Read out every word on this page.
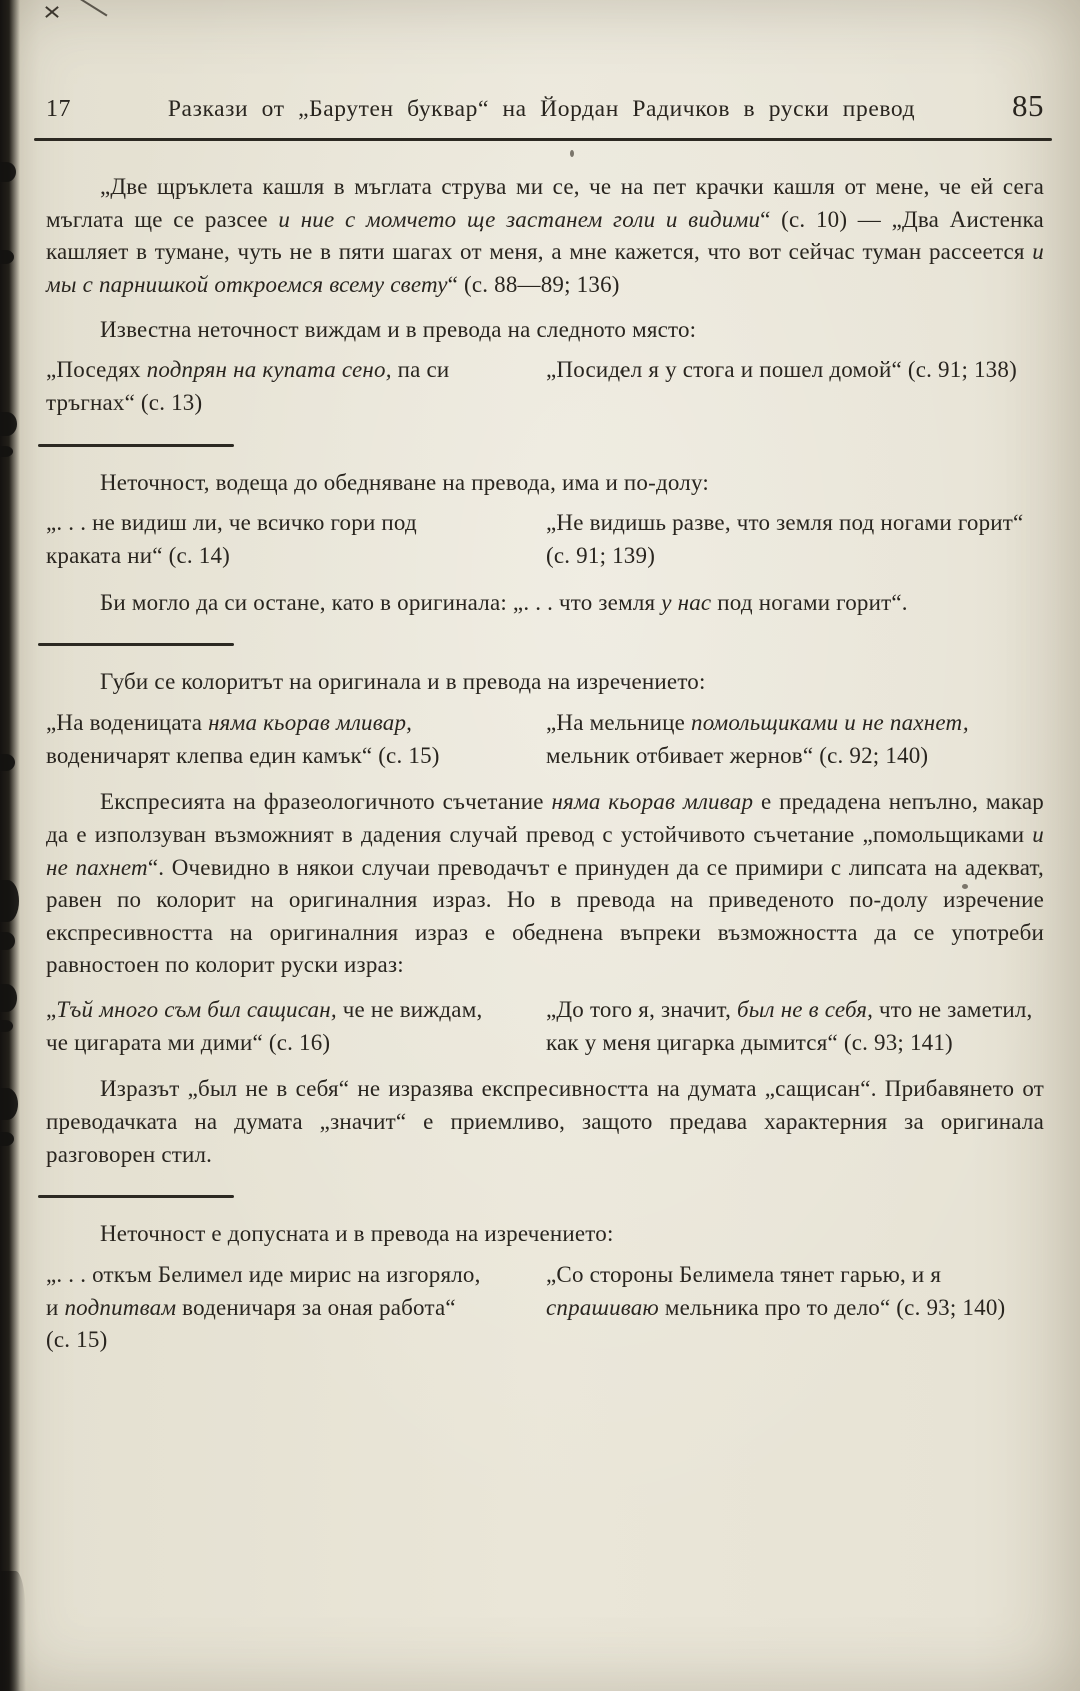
17	Разкази от „Барутен буквар“ на Йордан Радичков в руски превод	85

„Две щръклета кашля в мъглата струва ми се, че на пет крачки кашля от мене, че ей сега мъглата ще се разсее и ние с момчето ще застанем голи и видими“ (с. 10) — „Два Аистенка кашляет в тумане, чуть не в пяти шагах от меня, а мне кажется, что вот сейчас туман рассеется и мы с парнишкой откроемся всему свету“ (с. 88—89; 136)

Известна неточност виждам и в превода на следното място:

„Поседях подпрян на купата сено, па си тръгнах“ (с. 13)

„Посидел я у стога и пошел домой“ (с. 91; 138)

Неточност, водеща до обедняване на превода, има и по-долу:

„. . . не видиш ли, че всичко гори под краката ни“ (с. 14)

„Не видишь разве, что земля под ногами горит“ (с. 91; 139)

Би могло да си остане, като в оригинала: „. . . что земля у нас под ногами горит“.

Губи се колоритът на оригинала и в превода на изречението:

„На воденицата няма кьорав мливар, воденичарят клепва един камък“ (с. 15)

„На мельнице помольщиками и не пахнет, мельник отбивает жернов“ (с. 92; 140)

Експресията на фразеологичното съчетание няма кьорав мливар е предадена непълно, макар да е използуван възможният в дадения случай превод с устойчивото съчетание „помольщиками и не пахнет“. Очевидно в някои случаи преводачът е принуден да се примири с липсата на адекват, равен по колорит на оригиналния израз. Но в превода на приведеното по-долу изречение експресивността на оригиналния израз е обеднена въпреки възможността да се употреби равностоен по колорит руски израз:

„Тъй много съм бил сащисан, че не виждам, че цигарата ми дими“ (с. 16)

„До того я, значит, был не в себя, что не заметил, как у меня цигарка дымится“ (с. 93; 141)

Изразът „был не в себя“ не изразява експресивността на думата „сащисан“. Прибавянето от преводачката на думата „значит“ е приемливо, защото предава характерния за оригинала разговорен стил.

Неточност е допусната и в превода на изречението:

„. . . откъм Белимел иде мирис на изгоряло, и подпитвам воденичаря за оная работа“ (с. 15)

„Со стороны Белимела тянет гарью, и я спрашиваю мельника про то дело“ (с. 93; 140)
